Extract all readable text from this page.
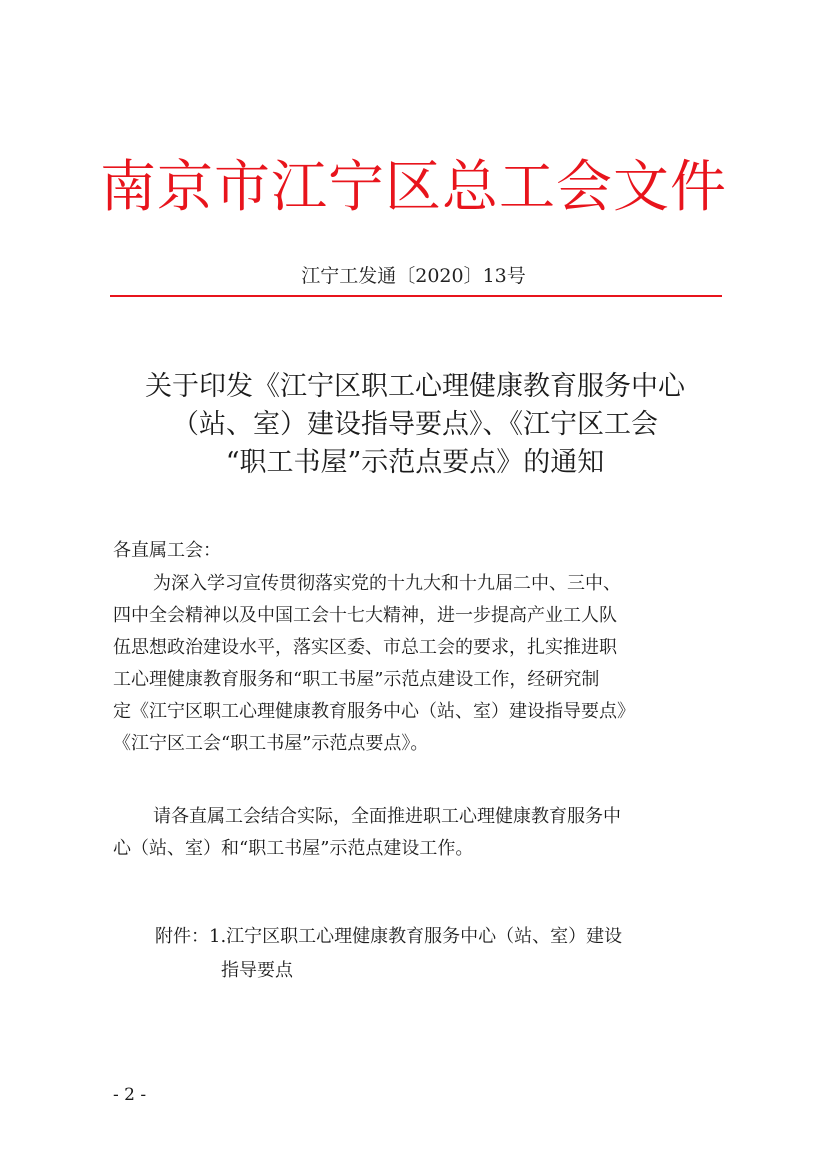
南京市江宁区总工会文件
江宁工发通〔2020〕13号
关于印发《江宁区职工心理健康教育服务中心
（站、室）建设指导要点》、《江宁区工会
“职工书屋”示范点要点》的通知
各直属工会：
为深入学习宣传贯彻落实党的十九大和十九届二中、三中、
四中全会精神以及中国工会十七大精神，进一步提高产业工人队
伍思想政治建设水平，落实区委、市总工会的要求，扎实推进职
工心理健康教育服务和“职工书屋”示范点建设工作，经研究制
定《江宁区职工心理健康教育服务中心（站、室）建设指导要点》
《江宁区工会“职工书屋”示范点要点》。
请各直属工会结合实际，全面推进职工心理健康教育服务中
心（站、室）和“职工书屋”示范点建设工作。
附件：1.江宁区职工心理健康教育服务中心（站、室）建设
指导要点
- 2 -
